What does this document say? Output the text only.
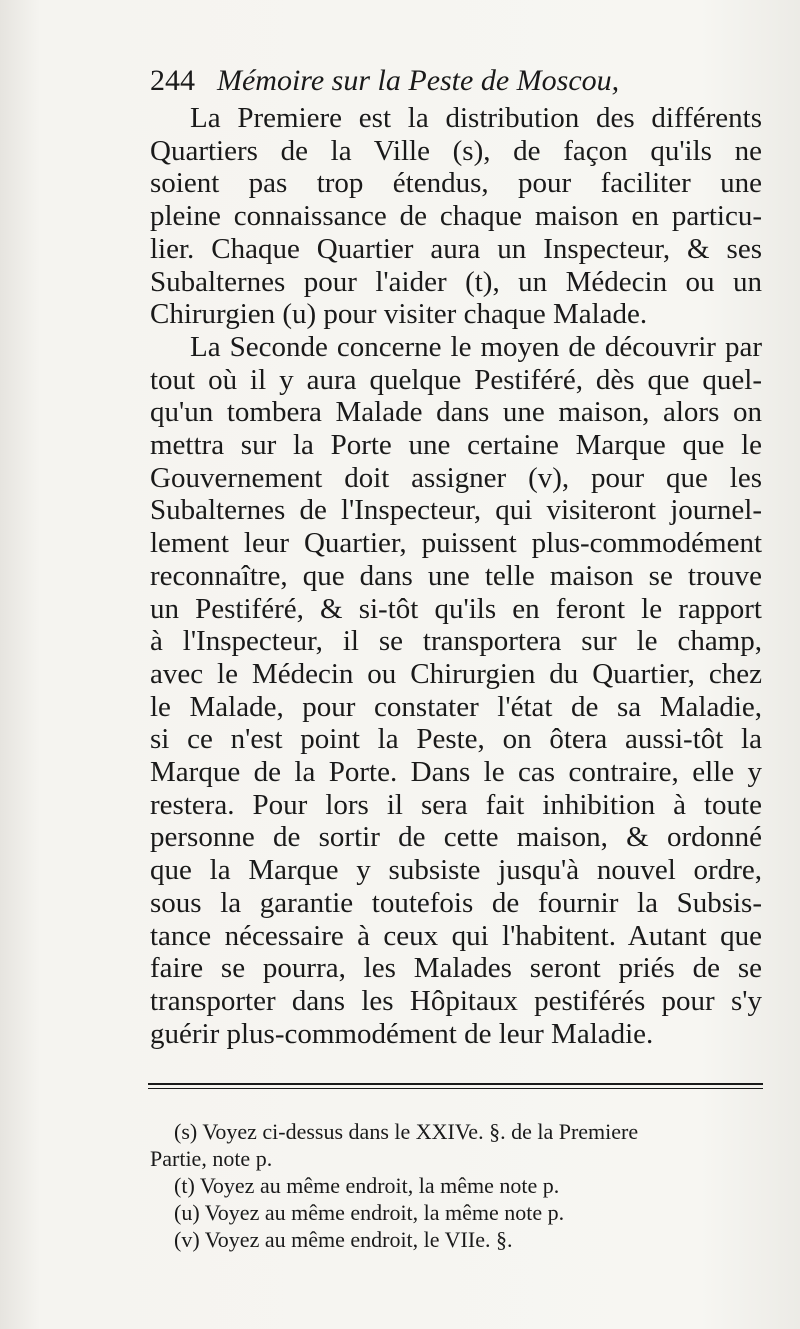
244 Mémoire sur la Peste de Moscou,
La Premiere est la distribution des différents
Quartiers de la Ville (s), de façon qu'ils ne
soient pas trop étendus, pour faciliter une
pleine connaissance de chaque maison en particu-
lier. Chaque Quartier aura un Inspecteur, & ses
Subalternes pour l'aider (t), un Médecin ou un
Chirurgien (u) pour visiter chaque Malade.
La Seconde concerne le moyen de découvrir par
tout où il y aura quelque Pestiféré, dès que quel-
qu'un tombera Malade dans une maison, alors on
mettra sur la Porte une certaine Marque que le
Gouvernement doit assigner (v), pour que les
Subalternes de l'Inspecteur, qui visiteront journel-
lement leur Quartier, puissent plus-commodément
reconnaître, que dans une telle maison se trouve
un Pestiféré, & si-tôt qu'ils en feront le rapport
à l'Inspecteur, il se transportera sur le champ,
avec le Médecin ou Chirurgien du Quartier, chez
le Malade, pour constater l'état de sa Maladie,
si ce n'est point la Peste, on ôtera aussi-tôt la
Marque de la Porte. Dans le cas contraire, elle y
restera. Pour lors il sera fait inhibition à toute
personne de sortir de cette maison, & ordonné
que la Marque y subsiste jusqu'à nouvel ordre,
sous la garantie toutefois de fournir la Subsis-
tance nécessaire à ceux qui l'habitent. Autant que
faire se pourra, les Malades seront priés de se
transporter dans les Hôpitaux pestiférés pour s'y
guérir plus-commodément de leur Maladie.
(s) Voyez ci-dessus dans le XXIVe. §. de la Premiere
Partie, note p.
(t) Voyez au même endroit, la même note p.
(u) Voyez au même endroit, la même note p.
(v) Voyez au même endroit, le VIIe. §.
